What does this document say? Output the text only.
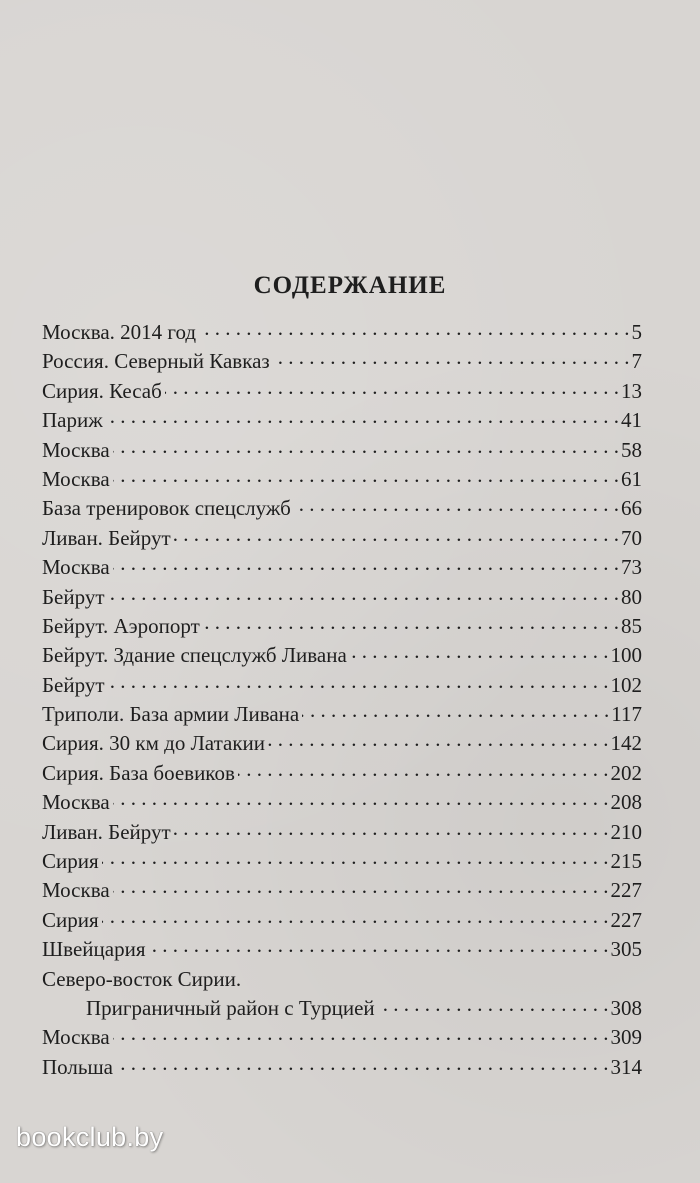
СОДЕРЖАНИЕ
Москва. 2014 год . . .	5
Россия. Северный Кавказ . . .	7
Сирия. Кесаб . . .	13
Париж . . .	41
Москва . . .	58
Москва . . .	61
База тренировок спецслужб . . .	66
Ливан. Бейрут . . .	70
Москва . . .	73
Бейрут . . .	80
Бейрут. Аэропорт . . .	85
Бейрут. Здание спецслужб Ливана . . .	100
Бейрут . . .	102
Триполи. База армии Ливана . . .	117
Сирия. 30 км до Латакии . . .	142
Сирия. База боевиков . . .	202
Москва . . .	208
Ливан. Бейрут . . .	210
Сирия . . .	215
Москва . . .	227
Сирия . . .	227
Швейцария . . .	305
Северо-восток Сирии.
Приграничный район с Турцией . . .	308
Москва . . .	309
Польша . . .	314
bookclub.by
